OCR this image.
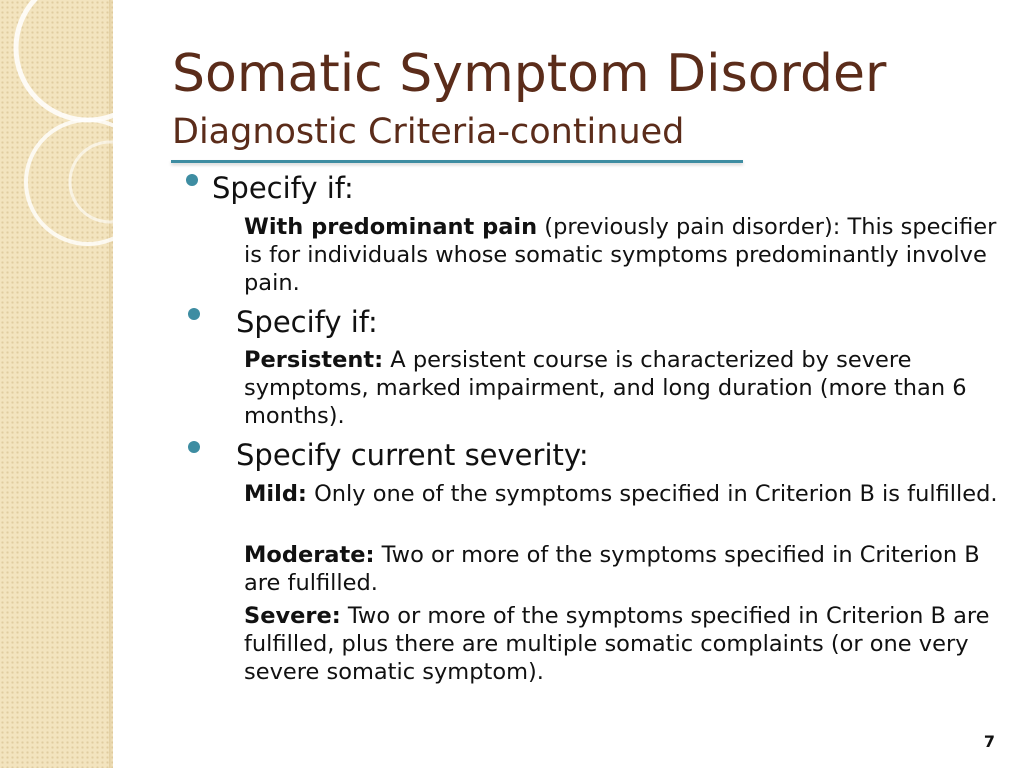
Somatic Symptom Disorder
Diagnostic Criteria-continued
Specify if:
With predominant pain (previously pain disorder): This specifier is for individuals whose somatic symptoms predominantly involve pain.
Specify if:
Persistent: A persistent course is characterized by severe symptoms, marked impairment, and long duration (more than 6 months).
Specify current severity:
Mild: Only one of the symptoms specified in Criterion B is fulfilled.
Moderate: Two or more of the symptoms specified in Criterion B are fulfilled.
Severe: Two or more of the symptoms specified in Criterion B are fulfilled, plus there are multiple somatic complaints (or one very severe somatic symptom).
7
